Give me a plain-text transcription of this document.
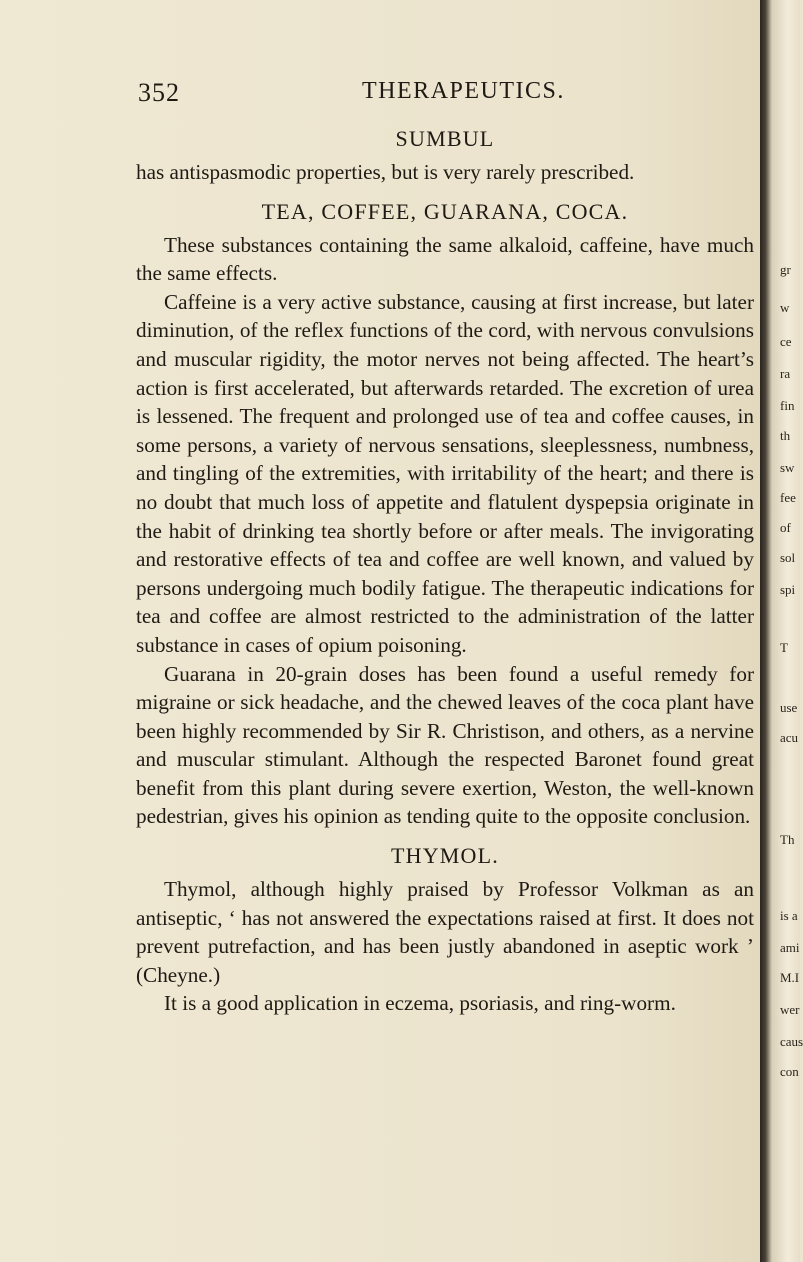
352	THERAPEUTICS.
SUMBUL

has antispasmodic properties, but is very rarely prescribed.

TEA, COFFEE, GUARANA, COCA.

These substances containing the same alkaloid, caffeine, have much the same effects.

Caffeine is a very active substance, causing at first increase, but later diminution, of the reflex functions of the cord, with nervous convulsions and muscular rigidity, the motor nerves not being affected. The heart’s action is first accelerated, but afterwards retarded. The excretion of urea is lessened. The frequent and prolonged use of tea and coffee causes, in some persons, a variety of nervous sensations, sleeplessness, numbness, and tingling of the extremities, with irritability of the heart; and there is no doubt that much loss of appetite and flatulent dyspepsia originate in the habit of drinking tea shortly before or after meals. The invigorating and restorative effects of tea and coffee are well known, and valued by persons undergoing much bodily fatigue. The therapeutic indications for tea and coffee are almost restricted to the administration of the latter substance in cases of opium poisoning.

Guarana in 20-grain doses has been found a useful remedy for migraine or sick headache, and the chewed leaves of the coca plant have been highly recommended by Sir R. Christison, and others, as a nervine and muscular stimulant. Although the respected Baronet found great benefit from this plant during severe exertion, Weston, the well-known pedestrian, gives his opinion as tending quite to the opposite conclusion.

THYMOL.

Thymol, although highly praised by Professor Volkman as an antiseptic, ‘ has not answered the expectations raised at first. It does not prevent putrefaction, and has been justly abandoned in aseptic work ’ (Cheyne.)

It is a good application in eczema, psoriasis, and ring-worm.

gr
w
ce
ra
fin
th
sw
fee
of
sol
spi
T
use
acu
Th
is a
ami
M.I
wer
caus
con
